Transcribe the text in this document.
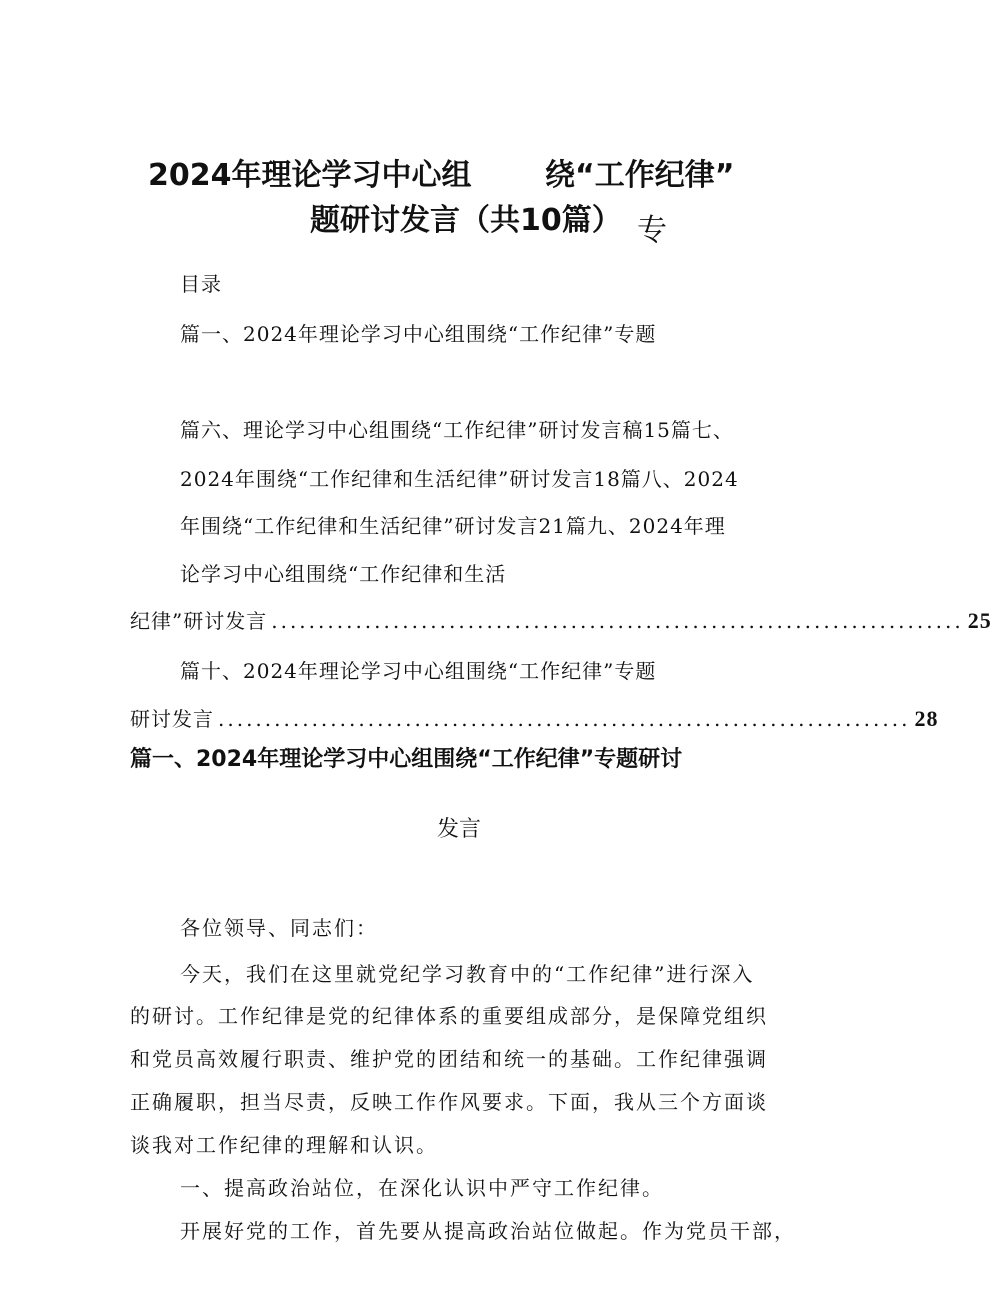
2024年理论学习中心组 绕“工作纪律”
题研讨发言（共10篇） 专
目录
篇一、2024年理论学习中心组围绕“工作纪律”专题
篇六、理论学习中心组围绕“工作纪律”研讨发言稿15篇七、
2024年围绕“工作纪律和生活纪律”研讨发言18篇八、2024
年围绕“工作纪律和生活纪律”研讨发言21篇九、2024年理
论学习中心组围绕“工作纪律和生活
纪律”研讨发言 .......................................................................... 25
篇十、2024年理论学习中心组围绕“工作纪律”专题
研讨发言 .......................................................................... 28
篇一、2024年理论学习中心组围绕“工作纪律”专题研讨
发言
各位领导、同志们：
今天，我们在这里就党纪学习教育中的“工作纪律”进行深入
的研讨。工作纪律是党的纪律体系的重要组成部分，是保障党组织
和党员高效履行职责、维护党的团结和统一的基础。工作纪律强调
正确履职，担当尽责，反映工作作风要求。下面，我从三个方面谈
谈我对工作纪律的理解和认识。
一、提高政治站位，在深化认识中严守工作纪律。
开展好党的工作，首先要从提高政治站位做起。作为党员干部，
